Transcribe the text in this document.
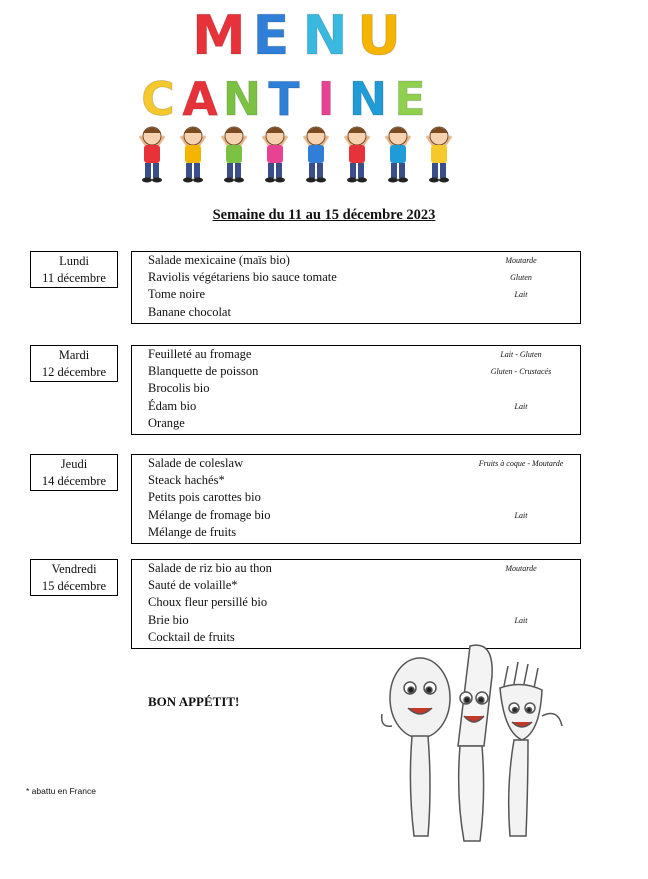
M E N U
C A N T I N E
Semaine du 11 au 15 décembre 2023
Lundi
11 décembre
Salade mexicaine (maïs bio)	Moutarde
Raviolis végétariens bio sauce tomate	Gluten
Tome noire	Lait
Banane chocolat
Mardi
12 décembre
Feuilleté au fromage	Lait - Gluten
Blanquette de poisson	Gluten - Crustacés
Brocolis bio
Édam bio	Lait
Orange
Jeudi
14 décembre
Salade de coleslaw	Fruits à coque - Moutarde
Steack hachés*
Petits pois carottes bio
Mélange de fromage bio	Lait
Mélange de fruits
Vendredi
15 décembre
Salade de riz bio au thon	Moutarde
Sauté de volaille*
Choux fleur persillé bio
Brie bio	Lait
Cocktail de fruits
BON APPÉTIT!
* abattu en France
